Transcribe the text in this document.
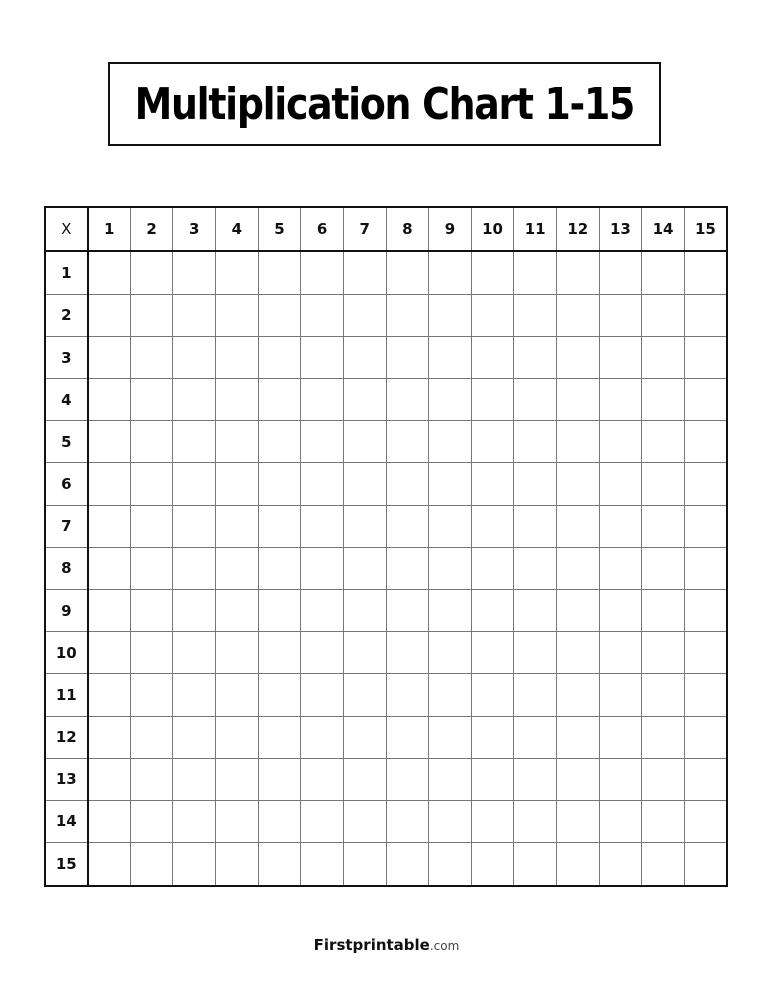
Multiplication Chart 1-15
X	1	2	3	4	5	6	7	8	9	10	11	12	13	14	15
1															
2															
3															
4															
5															
6															
7															
8															
9															
10															
11															
12															
13															
14															
15															
Firstprintable.com
